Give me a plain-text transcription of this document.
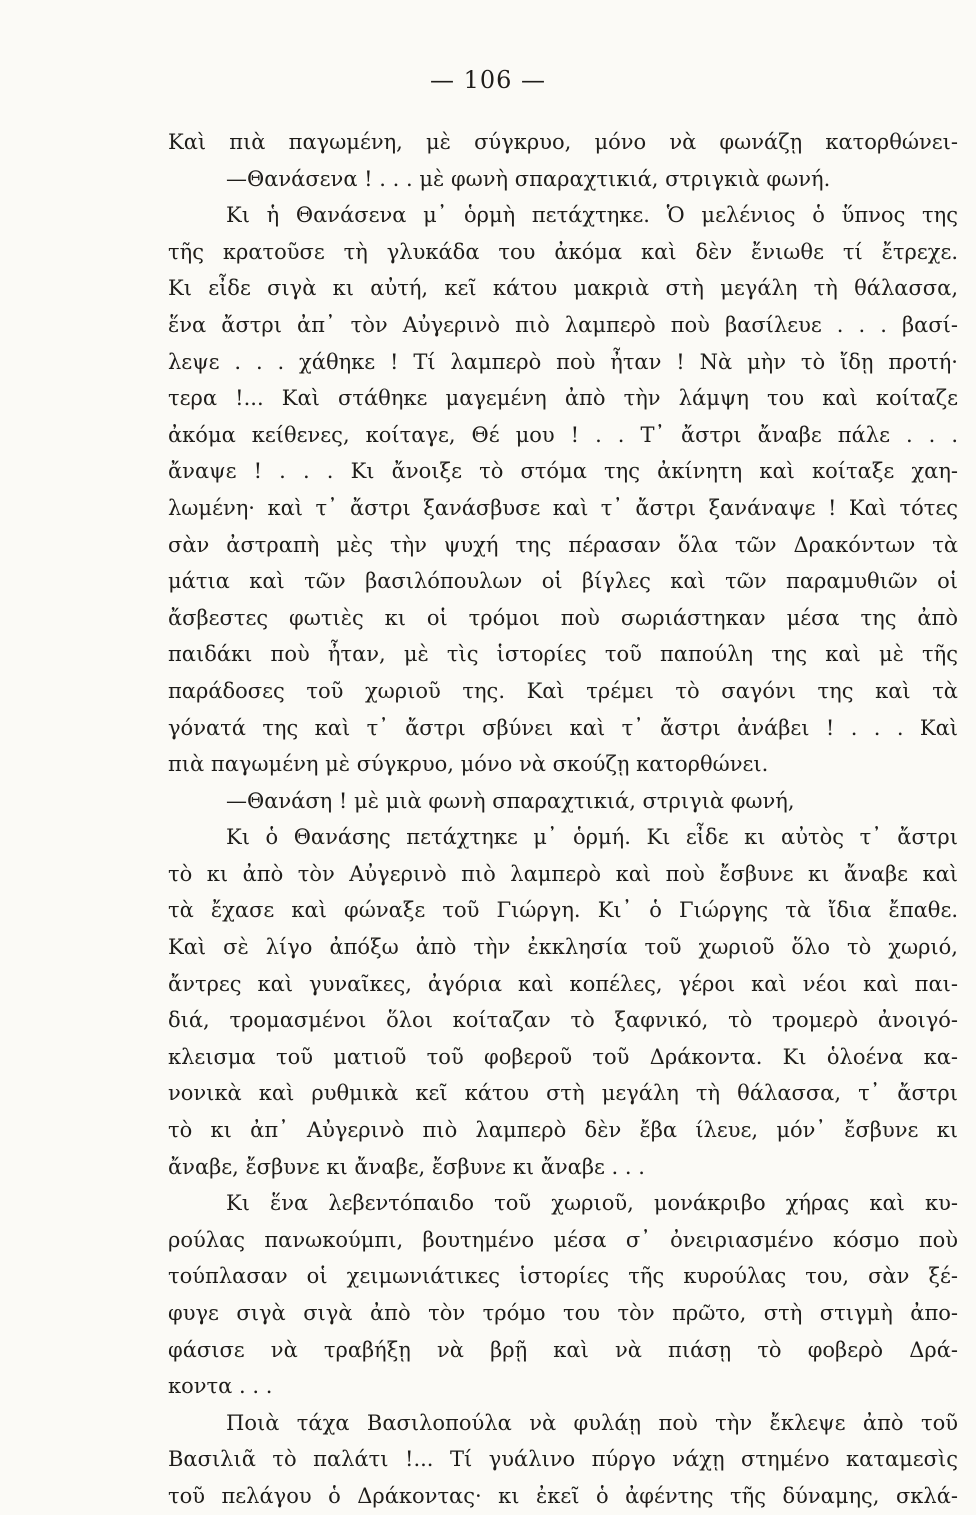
— 106 —
Καὶ πιὰ παγωμένη, μὲ σύγκρυο, μόνο νὰ φωνάζῃ κατορθώνει-
—Θανάσενα ! . . . μὲ φωνὴ σπαραχτικιά, στριγκιὰ φωνή.
Κι ἡ Θανάσενα μ᾽ ὁρμὴ πετάχτηκε. Ὁ μελένιος ὁ ὕπνος της
τῆς κρατοῦσε τὴ γλυκάδα του ἀκόμα καὶ δὲν ἔνιωθε τί ἔτρεχε.
Κι εἶδε σιγὰ κι αὐτή, κεῖ κάτου μακριὰ στὴ μεγάλη τὴ θάλασσα,
ἕνα ἄστρι ἀπ᾽ τὸν Αὐγερινὸ πιὸ λαμπερὸ ποὺ βασίλευε . . . βασί-
λεψε . . . χάθηκε ! Τί λαμπερὸ ποὺ ἦταν ! Νὰ μὴν τὸ ἴδῃ προτή·
τερα !... Καὶ στάθηκε μαγεμένη ἀπὸ τὴν λάμψη του καὶ κοίταζε
ἀκόμα κείθενες, κοίταγε, Θέ μου ! . . Τ᾽ ἄστρι ἄναβε πάλε . . .
ἄναψε ! . . . Κι ἄνοιξε τὸ στόμα της ἀκίνητη καὶ κοίταξε χαη-
λωμένη· καὶ τ᾽ ἄστρι ξανάσβυσε καὶ τ᾽ ἄστρι ξανάναψε ! Καὶ τότες
σὰν ἀστραπὴ μὲς τὴν ψυχή της πέρασαν ὅλα τῶν Δρακόντων τὰ
μάτια καὶ τῶν βασιλόπουλων οἱ βίγλες καὶ τῶν παραμυθιῶν οἱ
ἄσβεστες φωτιὲς κι οἱ τρόμοι ποὺ σωριάστηκαν μέσα της ἀπὸ
παιδάκι ποὺ ἦταν, μὲ τὶς ἱστορίες τοῦ παπούλη της καὶ μὲ τῆς
παράδοσες τοῦ χωριοῦ της. Καὶ τρέμει τὸ σαγόνι της καὶ τὰ
γόνατά της καὶ τ᾽ ἄστρι σβύνει καὶ τ᾽ ἄστρι ἀνάβει ! . . . Καὶ
πιὰ παγωμένη μὲ σύγκρυο, μόνο νὰ σκούζῃ κατορθώνει.
—Θανάση ! μὲ μιὰ φωνὴ σπαραχτικιά, στριγιὰ φωνή,
Κι ὁ Θανάσης πετάχτηκε μ᾽ ὁρμή. Κι εἶδε κι αὐτὸς τ᾽ ἄστρι
τὸ κι ἀπὸ τὸν Αὐγερινὸ πιὸ λαμπερὸ καὶ ποὺ ἔσβυνε κι ἄναβε καὶ
τὰ ἔχασε καὶ φώναξε τοῦ Γιώργη. Κι᾽ ὁ Γιώργης τὰ ἴδια ἔπαθε.
Καὶ σὲ λίγο ἀπόξω ἀπὸ τὴν ἐκκλησία τοῦ χωριοῦ ὅλο τὸ χωριό,
ἄντρες καὶ γυναῖκες, ἀγόρια καὶ κοπέλες, γέροι καὶ νέοι καὶ παι-
διά, τρομασμένοι ὅλοι κοίταζαν τὸ ξαφνικό, τὸ τρομερὸ ἀνοιγό-
κλεισμα τοῦ ματιοῦ τοῦ φοβεροῦ τοῦ Δράκοντα. Κι ὁλοένα κα-
νονικὰ καὶ ρυθμικὰ κεῖ κάτου στὴ μεγάλη τὴ θάλασσα, τ᾽ ἄστρι
τὸ κι ἀπ᾽ Αὐγερινὸ πιὸ λαμπερὸ δὲν ἔβα ίλευε, μόν᾽ ἔσβυνε κι
ἄναβε, ἔσβυνε κι ἄναβε, ἔσβυνε κι ἄναβε . . .
Κι ἕνα λεβεντόπαιδο τοῦ χωριοῦ, μονάκριβο χήρας καὶ κυ-
ρούλας πανωκούμπι, βουτημένο μέσα σ᾽ ὀνειριασμένο κόσμο ποὺ
τούπλασαν οἱ χειμωνιάτικες ἱστορίες τῆς κυρούλας του, σὰν ξέ-
φυγε σιγὰ σιγὰ ἀπὸ τὸν τρόμο του τὸν πρῶτο, στὴ στιγμὴ ἀπο-
φάσισε νὰ τραβήξῃ νὰ βρῇ καὶ νὰ πιάσῃ τὸ φοβερὸ Δρά-
κοντα . . .
Ποιὰ τάχα Βασιλοπούλα νὰ φυλάῃ ποὺ τὴν ἔκλεψε ἀπὸ τοῦ
Βασιλιᾶ τὸ παλάτι !... Τί γυάλινο πύργο νάχῃ στημένο καταμεσὶς
τοῦ πελάγου ὁ Δράκοντας· κι ἐκεῖ ὁ ἀφέντης τῆς δύναμης, σκλά-
